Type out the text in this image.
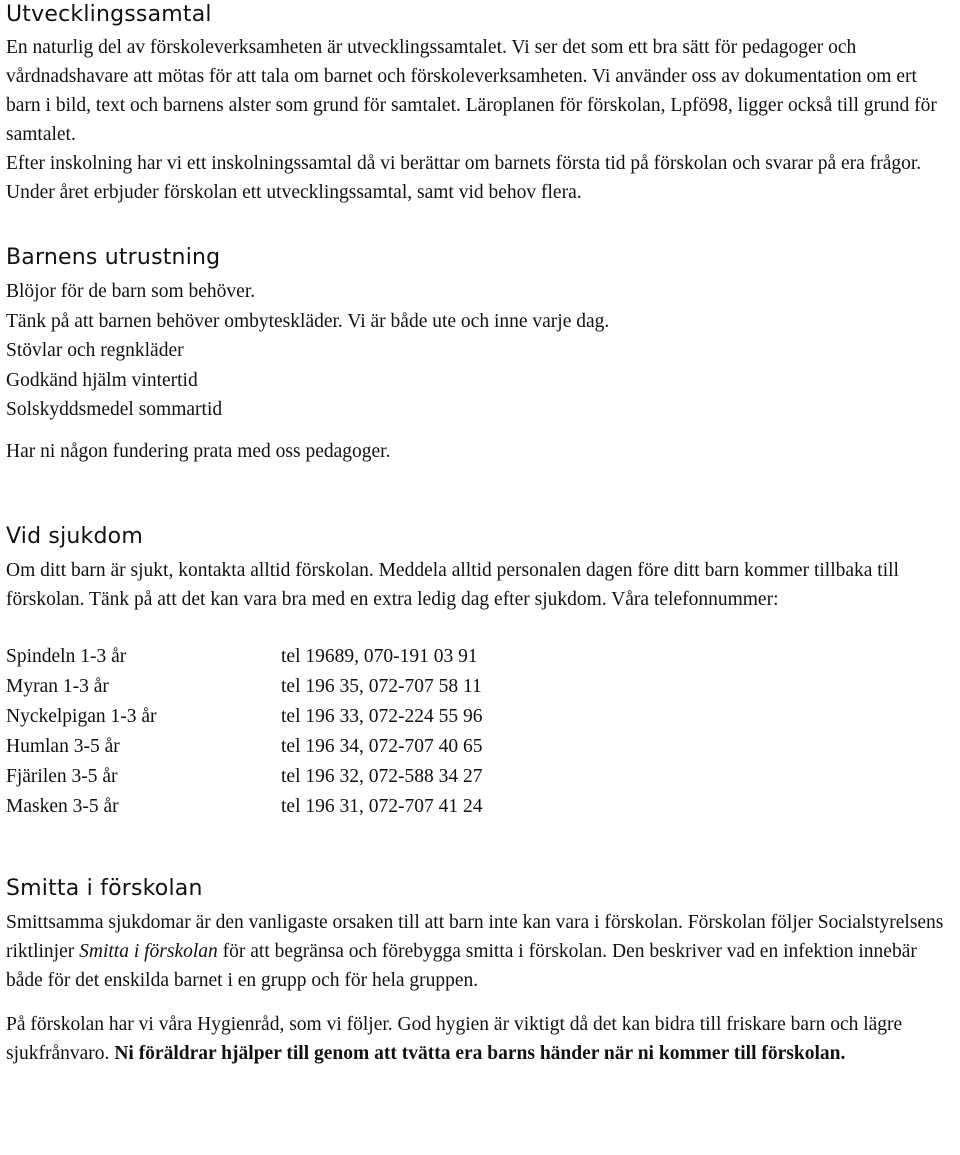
Utvecklingssamtal

En naturlig del av förskoleverksamheten är utvecklingssamtalet. Vi ser det som ett bra sätt för pedagoger och vårdnadshavare att mötas för att tala om barnet och förskoleverksamheten. Vi använder oss av dokumentation om ert barn i bild, text och barnens alster som grund för samtalet. Läroplanen för förskolan, Lpfö98, ligger också till grund för samtalet.

Efter inskolning har vi ett inskolningssamtal då vi berättar om barnets första tid på förskolan och svarar på era frågor. Under året erbjuder förskolan ett utvecklingssamtal, samt vid behov flera.

Barnens utrustning
Blöjor för de barn som behöver.
Tänk på att barnen behöver ombyteskläder. Vi är både ute och inne varje dag.
Stövlar och regnkläder
Godkänd hjälm vintertid
Solskyddsmedel sommartid

Har ni någon fundering prata med oss pedagoger.

Vid sjukdom

Om ditt barn är sjukt, kontakta alltid förskolan. Meddela alltid personalen dagen före ditt barn kommer tillbaka till förskolan. Tänk på att det kan vara bra med en extra ledig dag efter sjukdom. Våra telefonnummer:

Spindeln 1-3 år	tel 19689, 070-191 03 91
Myran 1-3 år	tel 196 35, 072-707 58 11
Nyckelpigan 1-3 år	tel 196 33, 072-224 55 96
Humlan 3-5 år	tel 196 34, 072-707 40 65
Fjärilen 3-5 år	tel 196 32, 072-588 34 27
Masken 3-5 år	tel 196 31, 072-707 41 24
Smitta i förskolan

Smittsamma sjukdomar är den vanligaste orsaken till att barn inte kan vara i förskolan. Förskolan följer Socialstyrelsens riktlinjer Smitta i förskolan för att begränsa och förebygga smitta i förskolan. Den beskriver vad en infektion innebär både för det enskilda barnet i en grupp och för hela gruppen.

På förskolan har vi våra Hygienråd, som vi följer. God hygien är viktigt då det kan bidra till friskare barn och lägre sjukfrånvaro. Ni föräldrar hjälper till genom att tvätta era barns händer när ni kommer till förskolan.
